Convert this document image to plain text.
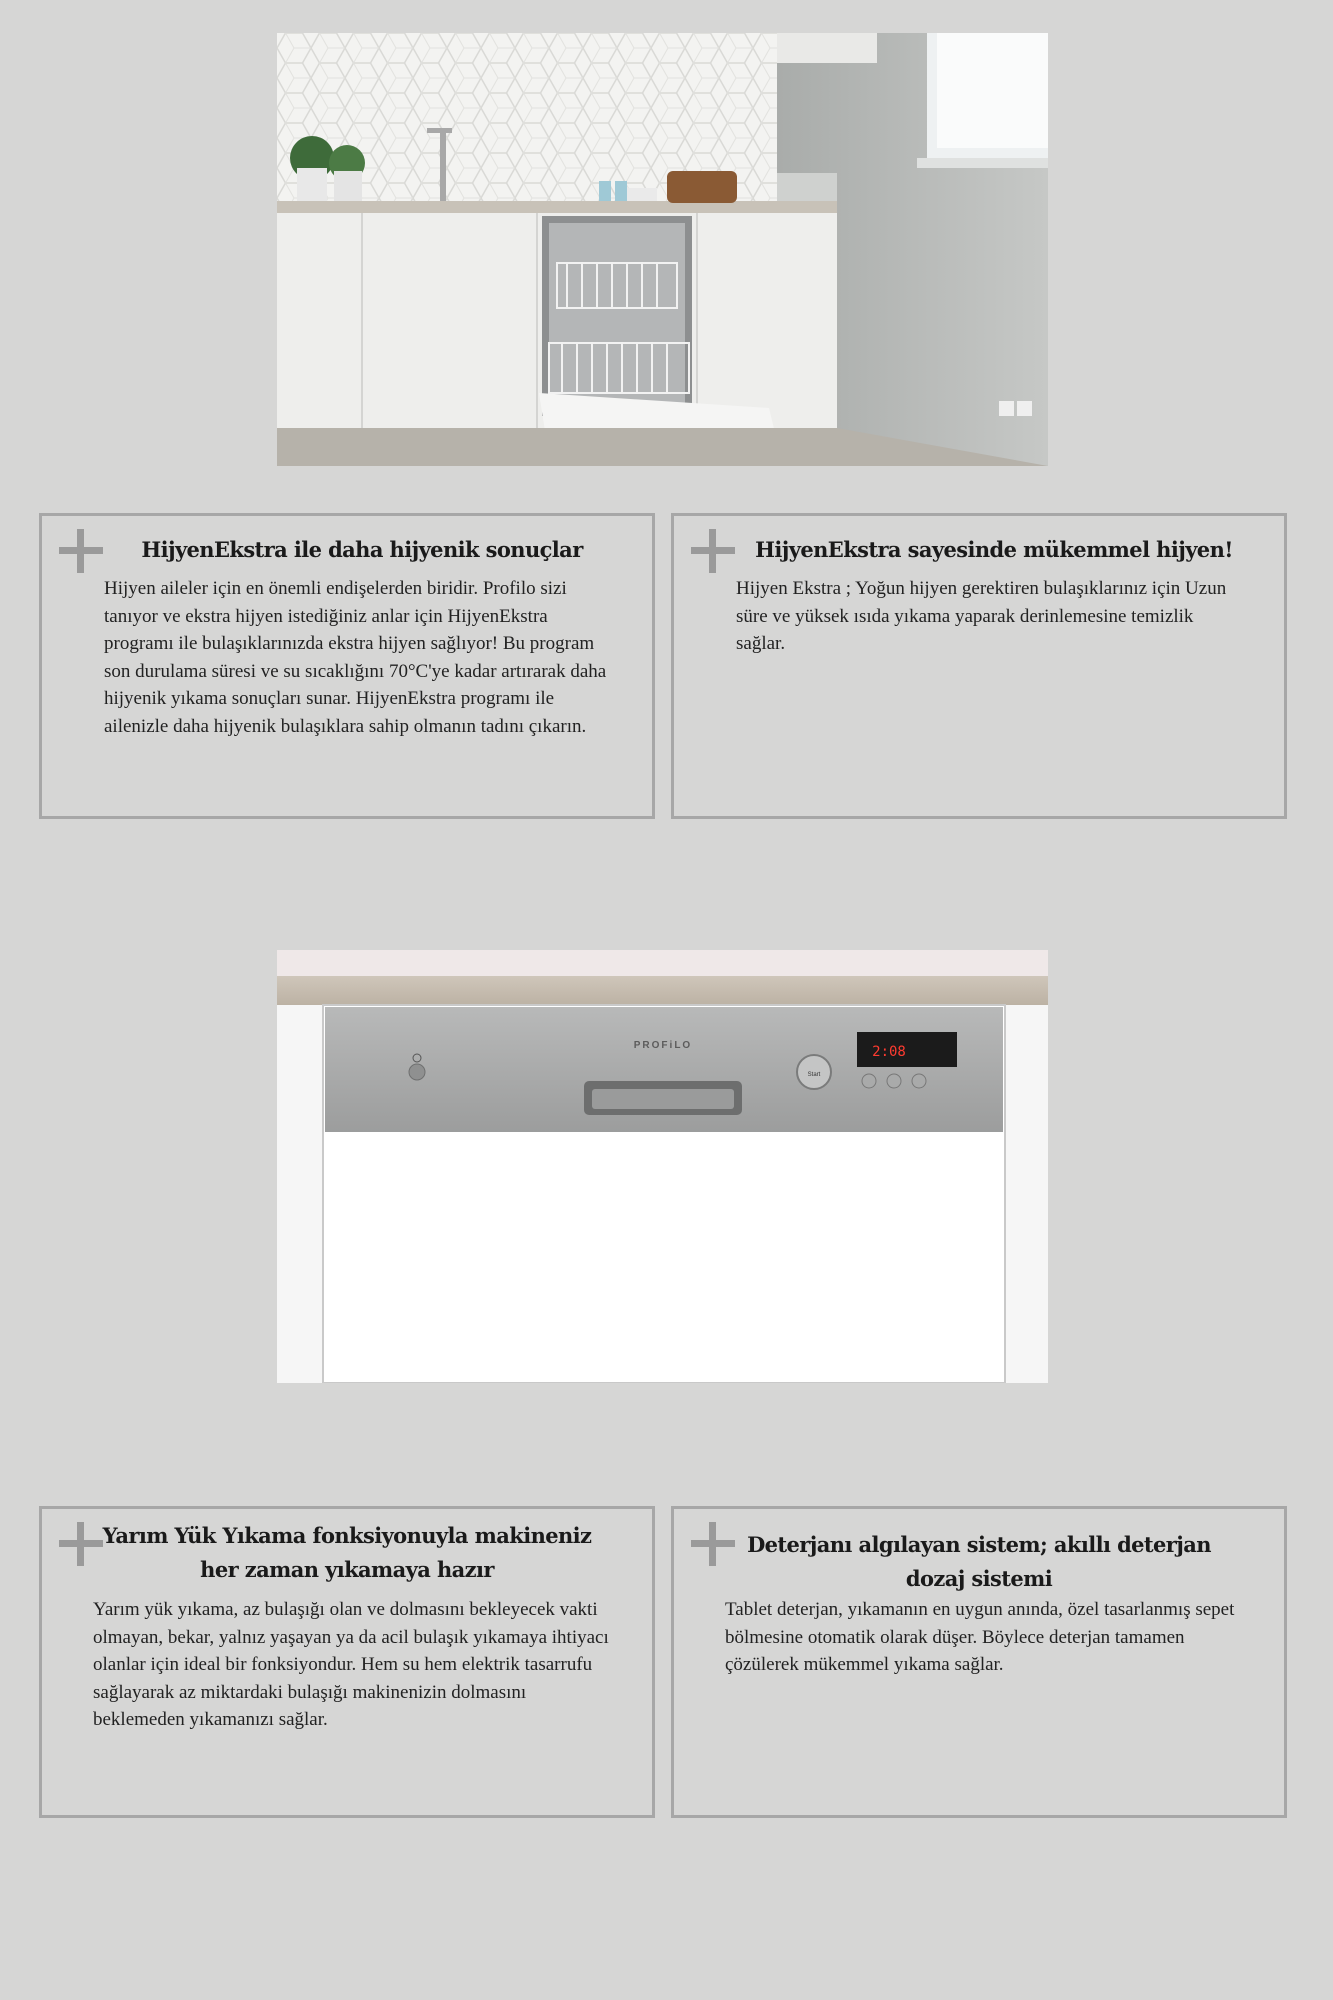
HijyenEkstra ile daha hijyenik sonuçlar

Hijyen aileler için en önemli endişelerden biridir. Profilo sizi tanıyor ve ekstra hijyen istediğiniz anlar için HijyenEkstra programı ile bulaşıklarınızda ekstra hijyen sağlıyor! Bu program son durulama süresi ve su sıcaklığını 70°C'ye kadar artırarak daha hijyenik yıkama sonuçları sunar. HijyenEkstra programı ile ailenizle daha hijyenik bulaşıklara sahip olmanın tadını çıkarın.

HijyenEkstra sayesinde mükemmel hijyen!

Hijyen Ekstra ; Yoğun hijyen gerektiren bulaşıklarınız için Uzun süre ve yüksek ısıda yıkama yaparak derinlemesine temizlik sağlar.

PROFiLO
Start
2:08
Yarım Yük Yıkama fonksiyonuyla makineniz her zaman yıkamaya hazır

Yarım yük yıkama, az bulaşığı olan ve dolmasını bekleyecek vakti olmayan, bekar, yalnız yaşayan ya da acil bulaşık yıkamaya ihtiyacı olanlar için ideal bir fonksiyondur. Hem su hem elektrik tasarrufu sağlayarak az miktardaki bulaşığı makinenizin dolmasını beklemeden yıkamanızı sağlar.

Deterjanı algılayan sistem; akıllı deterjan dozaj sistemi

Tablet deterjan, yıkamanın en uygun anında, özel tasarlanmış sepet bölmesine otomatik olarak düşer. Böylece deterjan tamamen çözülerek mükemmel yıkama sağlar.
